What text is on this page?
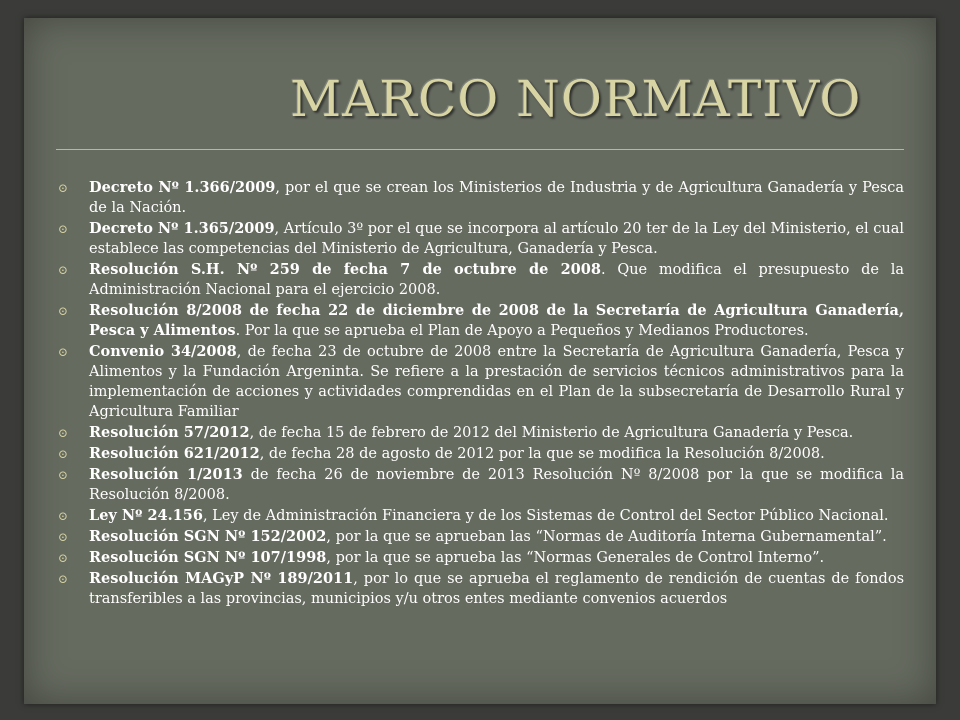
MARCO NORMATIVO
⊙ Decreto Nº 1.366/2009, por el que se crean los Ministerios de Industria y de Agricultura Ganadería y Pesca de la Nación.
⊙ Decreto Nº 1.365/2009, Artículo 3º por el que se incorpora al artículo 20 ter de la Ley del Ministerio, el cual establece las competencias del Ministerio de Agricultura, Ganadería y Pesca.
⊙ Resolución S.H. Nº 259 de fecha 7 de octubre de 2008. Que modifica el presupuesto de la Administración Nacional para el ejercicio 2008.
⊙ Resolución 8/2008 de fecha 22 de diciembre de 2008 de la Secretaría de Agricultura Ganadería, Pesca y Alimentos. Por la que se aprueba el Plan de Apoyo a Pequeños y Medianos Productores.
⊙ Convenio 34/2008, de fecha 23 de octubre de 2008 entre la Secretaría de Agricultura Ganadería, Pesca y Alimentos y la Fundación Argeninta. Se refiere a la prestación de servicios técnicos administrativos para la implementación de acciones y actividades comprendidas en el Plan de la subsecretaría de Desarrollo Rural y Agricultura Familiar
⊙ Resolución 57/2012, de fecha 15 de febrero de 2012 del Ministerio de Agricultura Ganadería y Pesca.
⊙ Resolución 621/2012, de fecha 28 de agosto de 2012 por la que se modifica la Resolución 8/2008.
⊙ Resolución 1/2013 de fecha 26 de noviembre de 2013 Resolución Nº 8/2008 por la que se modifica la Resolución 8/2008.
⊙ Ley Nº 24.156, Ley de Administración Financiera y de los Sistemas de Control del Sector Público Nacional.
⊙ Resolución SGN Nº 152/2002, por la que se aprueban las “Normas de Auditoría Interna Gubernamental”.
⊙ Resolución SGN Nº 107/1998, por la que se aprueba las “Normas Generales de Control Interno”.
⊙ Resolución MAGyP Nº 189/2011, por lo que se aprueba el reglamento de rendición de cuentas de fondos transferibles a las provincias, municipios y/u otros entes mediante convenios acuerdos
